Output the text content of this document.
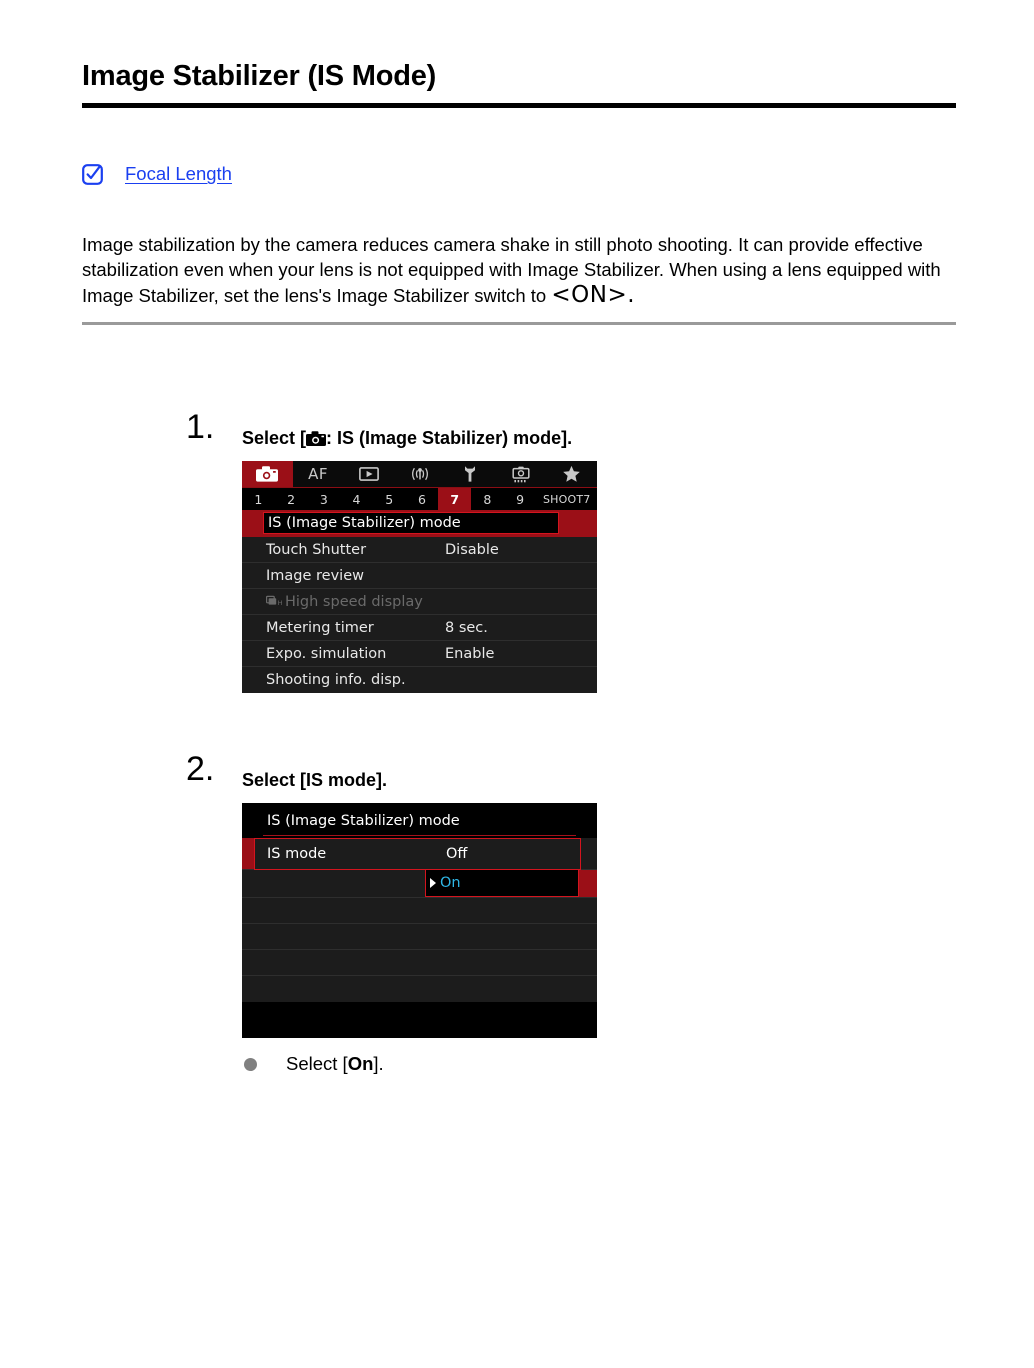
Image Stabilizer (IS Mode)
Focal Length

Image stabilization by the camera reduces camera shake in still photo shooting. It can provide effective stabilization even when your lens is not equipped with Image Stabilizer. When using a lens equipped with Image Stabilizer, set the lens's Image Stabilizer switch to <ON>.

1. Select [ : IS (Image Stabilizer) mode].
AF
1	2	3	4	5	6	7	8	9	SHOOT7
IS (Image Stabilizer) mode
Touch Shutter	Disable
Image review
H High speed display
Metering timer	8 sec.
Expo. simulation	Enable
Shooting info. disp.
2. Select [IS mode].
IS (Image Stabilizer) mode
IS mode	Off
On

Select [On].
